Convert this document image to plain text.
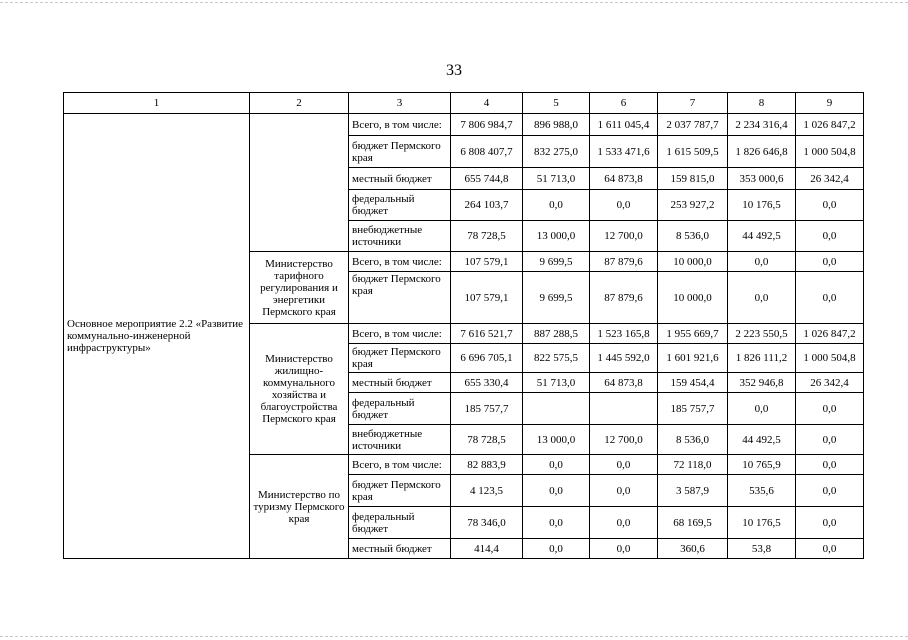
33
1	2	3	4	5	6	7	8	9
Основное мероприятие 2.2 «Развитие коммунально-инженерной инфраструктуры»		Всего, в том числе:	7 806 984,7	896 988,0	1 611 045,4	2 037 787,7	2 234 316,4	1 026 847,2
		бюджет Пермского края	6 808 407,7	832 275,0	1 533 471,6	1 615 509,5	1 826 646,8	1 000 504,8
		местный бюджет	655 744,8	51 713,0	64 873,8	159 815,0	353 000,6	26 342,4
		федеральный бюджет	264 103,7	0,0	0,0	253 927,2	10 176,5	0,0
		внебюджетные источники	78 728,5	13 000,0	12 700,0	8 536,0	44 492,5	0,0
	Министерство тарифного регулирования и энергетики Пермского края	Всего, в том числе:	107 579,1	9 699,5	87 879,6	10 000,0	0,0	0,0
		бюджет Пермского края	107 579,1	9 699,5	87 879,6	10 000,0	0,0	0,0
	Министерство жилищно-коммунального хозяйства и благоустройства Пермского края	Всего, в том числе:	7 616 521,7	887 288,5	1 523 165,8	1 955 669,7	2 223 550,5	1 026 847,2
		бюджет Пермского края	6 696 705,1	822 575,5	1 445 592,0	1 601 921,6	1 826 111,2	1 000 504,8
		местный бюджет	655 330,4	51 713,0	64 873,8	159 454,4	352 946,8	26 342,4
		федеральный бюджет	185 757,7			185 757,7	0,0	0,0
		внебюджетные источники	78 728,5	13 000,0	12 700,0	8 536,0	44 492,5	0,0
	Министерство по туризму Пермского края	Всего, в том числе:	82 883,9	0,0	0,0	72 118,0	10 765,9	0,0
		бюджет Пермского края	4 123,5	0,0	0,0	3 587,9	535,6	0,0
		федеральный бюджет	78 346,0	0,0	0,0	68 169,5	10 176,5	0,0
		местный бюджет	414,4	0,0	0,0	360,6	53,8	0,0
